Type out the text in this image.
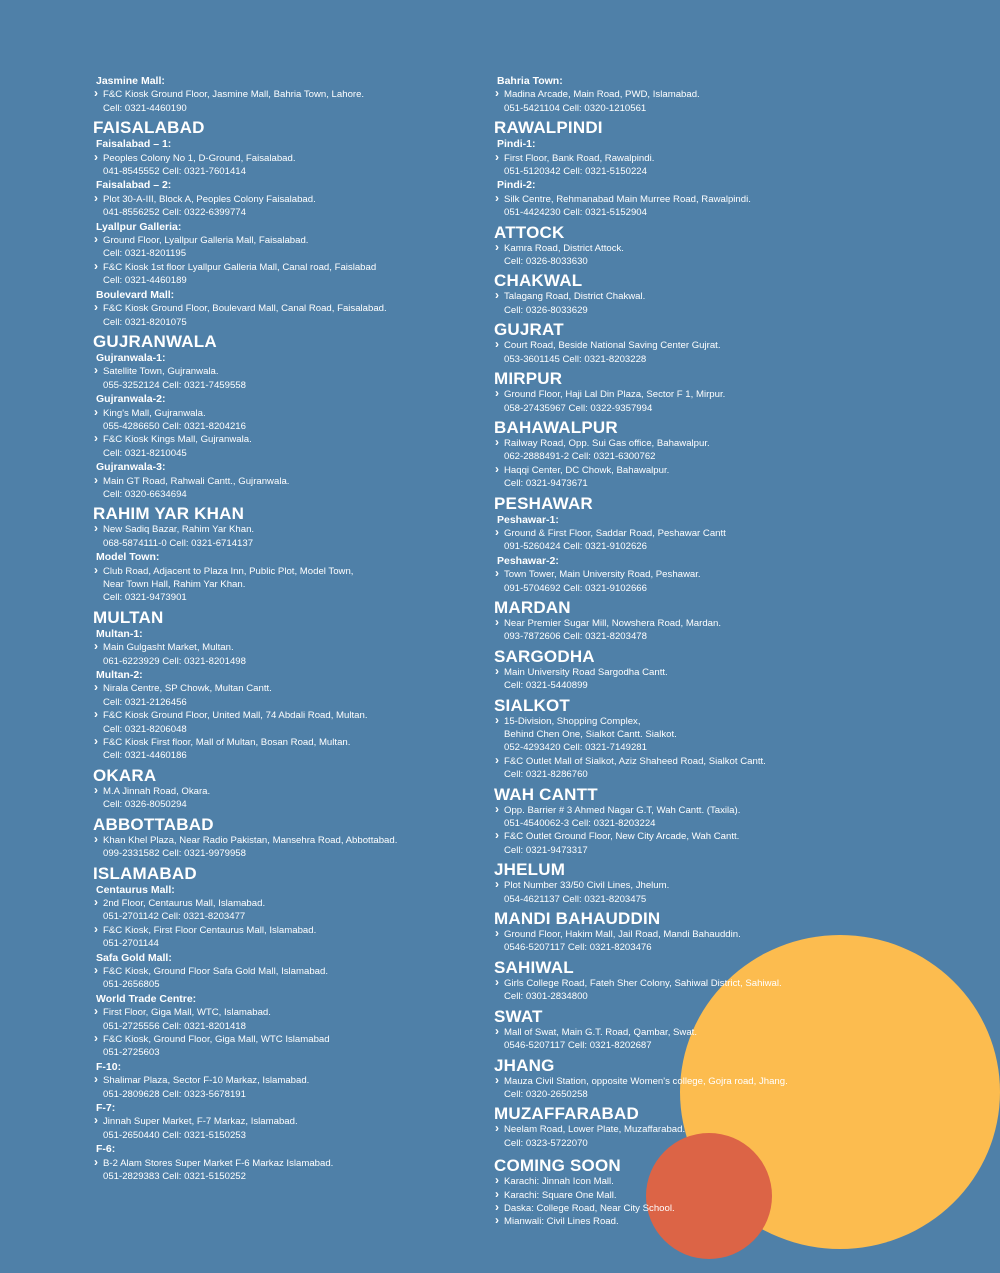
Jasmine Mall:
› F&C Kiosk Ground Floor, Jasmine Mall, Bahria Town, Lahore.
Cell: 0321-4460190
FAISALABAD
Faisalabad – 1:
› Peoples Colony No 1, D-Ground, Faisalabad.
041-8545552 Cell: 0321-7601414
Faisalabad – 2:
› Plot 30-A-III, Block A, Peoples Colony Faisalabad.
041-8556252 Cell: 0322-6399774
Lyallpur Galleria:
› Ground Floor, Lyallpur Galleria Mall, Faisalabad.
Cell: 0321-8201195
› F&C Kiosk 1st floor Lyallpur Galleria Mall, Canal road, Faislabad
Cell: 0321-4460189
Boulevard Mall:
› F&C Kiosk Ground Floor, Boulevard Mall, Canal Road, Faisalabad.
Cell: 0321-8201075
GUJRANWALA
Gujranwala-1:
› Satellite Town, Gujranwala.
055-3252124 Cell: 0321-7459558
Gujranwala-2:
› King's Mall, Gujranwala.
055-4286650 Cell: 0321-8204216
› F&C Kiosk Kings Mall, Gujranwala.
Cell: 0321-8210045
Gujranwala-3:
› Main GT Road, Rahwali Cantt., Gujranwala.
Cell: 0320-6634694
RAHIM YAR KHAN
› New Sadiq Bazar, Rahim Yar Khan.
068-5874111-0 Cell: 0321-6714137
Model Town:
› Club Road, Adjacent to Plaza Inn, Public Plot, Model Town,
Near Town Hall, Rahim Yar Khan.
Cell: 0321-9473901
MULTAN
Multan-1:
› Main Gulgasht Market, Multan.
061-6223929 Cell: 0321-8201498
Multan-2:
› Nirala Centre, SP Chowk, Multan Cantt.
Cell: 0321-2126456
› F&C Kiosk Ground Floor, United Mall, 74 Abdali Road, Multan.
Cell: 0321-8206048
› F&C Kiosk First floor, Mall of Multan, Bosan Road, Multan.
Cell: 0321-4460186
OKARA
› M.A Jinnah Road, Okara.
Cell: 0326-8050294
ABBOTTABAD
› Khan Khel Plaza, Near Radio Pakistan, Mansehra Road, Abbottabad.
099-2331582 Cell: 0321-9979958
ISLAMABAD
Centaurus Mall:
› 2nd Floor, Centaurus Mall, Islamabad.
051-2701142 Cell: 0321-8203477
› F&C Kiosk, First Floor Centaurus Mall, Islamabad.
051-2701144
Safa Gold Mall:
› F&C Kiosk, Ground Floor Safa Gold Mall, Islamabad.
051-2656805
World Trade Centre:
› First Floor, Giga Mall, WTC, Islamabad.
051-2725556 Cell: 0321-8201418
› F&C Kiosk, Ground Floor, Giga Mall, WTC Islamabad
051-2725603
F-10:
› Shalimar Plaza, Sector F-10 Markaz, Islamabad.
051-2809628 Cell: 0323-5678191
F-7:
› Jinnah Super Market, F-7 Markaz, Islamabad.
051-2650440 Cell: 0321-5150253
F-6:
› B-2 Alam Stores Super Market F-6 Markaz Islamabad.
051-2829383 Cell: 0321-5150252
Bahria Town:
› Madina Arcade, Main Road, PWD, Islamabad.
051-5421104 Cell: 0320-1210561
RAWALPINDI
Pindi-1:
› First Floor, Bank Road, Rawalpindi.
051-5120342 Cell: 0321-5150224
Pindi-2:
› Silk Centre, Rehmanabad Main Murree Road, Rawalpindi.
051-4424230 Cell: 0321-5152904
ATTOCK
› Kamra Road, District Attock.
Cell: 0326-8033630
CHAKWAL
› Talagang Road, District Chakwal.
Cell: 0326-8033629
GUJRAT
› Court Road, Beside National Saving Center Gujrat.
053-3601145 Cell: 0321-8203228
MIRPUR
› Ground Floor, Haji Lal Din Plaza, Sector F 1, Mirpur.
058-27435967 Cell: 0322-9357994
BAHAWALPUR
› Railway Road, Opp. Sui Gas office, Bahawalpur.
062-2888491-2 Cell: 0321-6300762
› Haqqi Center, DC Chowk, Bahawalpur.
Cell: 0321-9473671
PESHAWAR
Peshawar-1:
› Ground & First Floor, Saddar Road, Peshawar Cantt
091-5260424 Cell: 0321-9102626
Peshawar-2:
› Town Tower, Main University Road, Peshawar.
091-5704692 Cell: 0321-9102666
MARDAN
› Near Premier Sugar Mill, Nowshera Road, Mardan.
093-7872606 Cell: 0321-8203478
SARGODHA
› Main University Road Sargodha Cantt.
Cell: 0321-5440899
SIALKOT
› 15-Division, Shopping Complex,
Behind Chen One, Sialkot Cantt. Sialkot.
052-4293420 Cell: 0321-7149281
› F&C Outlet Mall of Sialkot, Aziz Shaheed Road, Sialkot Cantt.
Cell: 0321-8286760
WAH CANTT
› Opp. Barrier # 3 Ahmed Nagar G.T, Wah Cantt. (Taxila).
051-4540062-3 Cell: 0321-8203224
› F&C Outlet Ground Floor, New City Arcade, Wah Cantt.
Cell: 0321-9473317
JHELUM
› Plot Number 33/50 Civil Lines, Jhelum.
054-4621137 Cell: 0321-8203475
MANDI BAHAUDDIN
› Ground Floor, Hakim Mall, Jail Road, Mandi Bahauddin.
0546-5207117 Cell: 0321-8203476
SAHIWAL
› Girls College Road, Fateh Sher Colony, Sahiwal District, Sahiwal.
Cell: 0301-2834800
SWAT
› Mall of Swat, Main G.T. Road, Qambar, Swat.
0546-5207117 Cell: 0321-8202687
JHANG
› Mauza Civil Station, opposite Women's college, Gojra road, Jhang.
Cell: 0320-2650258
MUZAFFARABAD
› Neelam Road, Lower Plate, Muzaffarabad.
Cell: 0323-5722070
COMING SOON
› Karachi: Jinnah Icon Mall.
› Karachi: Square One Mall.
› Daska: College Road, Near City School.
› Mianwali: Civil Lines Road.
